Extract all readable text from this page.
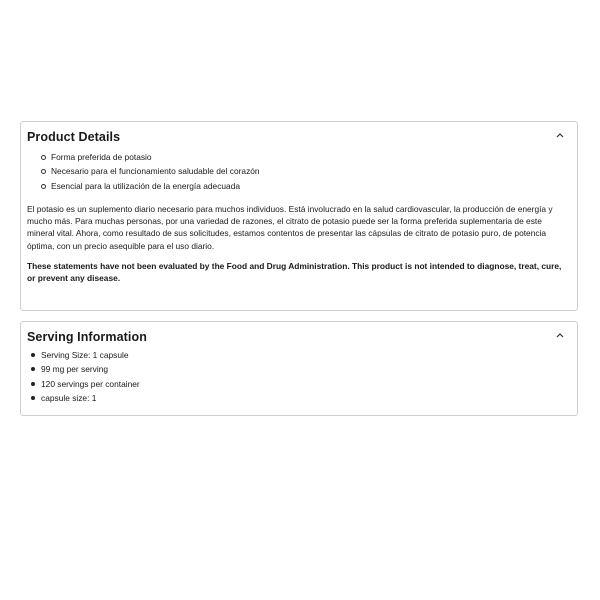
Product Details
Forma preferida de potasio
Necesario para el funcionamiento saludable del corazón
Esencial para la utilización de la energía adecuada

El potasio es un suplemento diario necesario para muchos individuos. Está involucrado en la salud cardiovascular, la producción de energía y mucho más. Para muchas personas, por una variedad de razones, el citrato de potasio puede ser la forma preferida suplementaria de este mineral vital. Ahora, como resultado de sus solicitudes, estamos contentos de presentar las cápsulas de citrato de potasio puro, de potencia óptima, con un precio asequible para el uso diario.

These statements have not been evaluated by the Food and Drug Administration. This product is not intended to diagnose, treat, cure, or prevent any disease.

Serving Information
Serving Size: 1 capsule
99 mg per serving
120 servings per container
capsule size: 1
